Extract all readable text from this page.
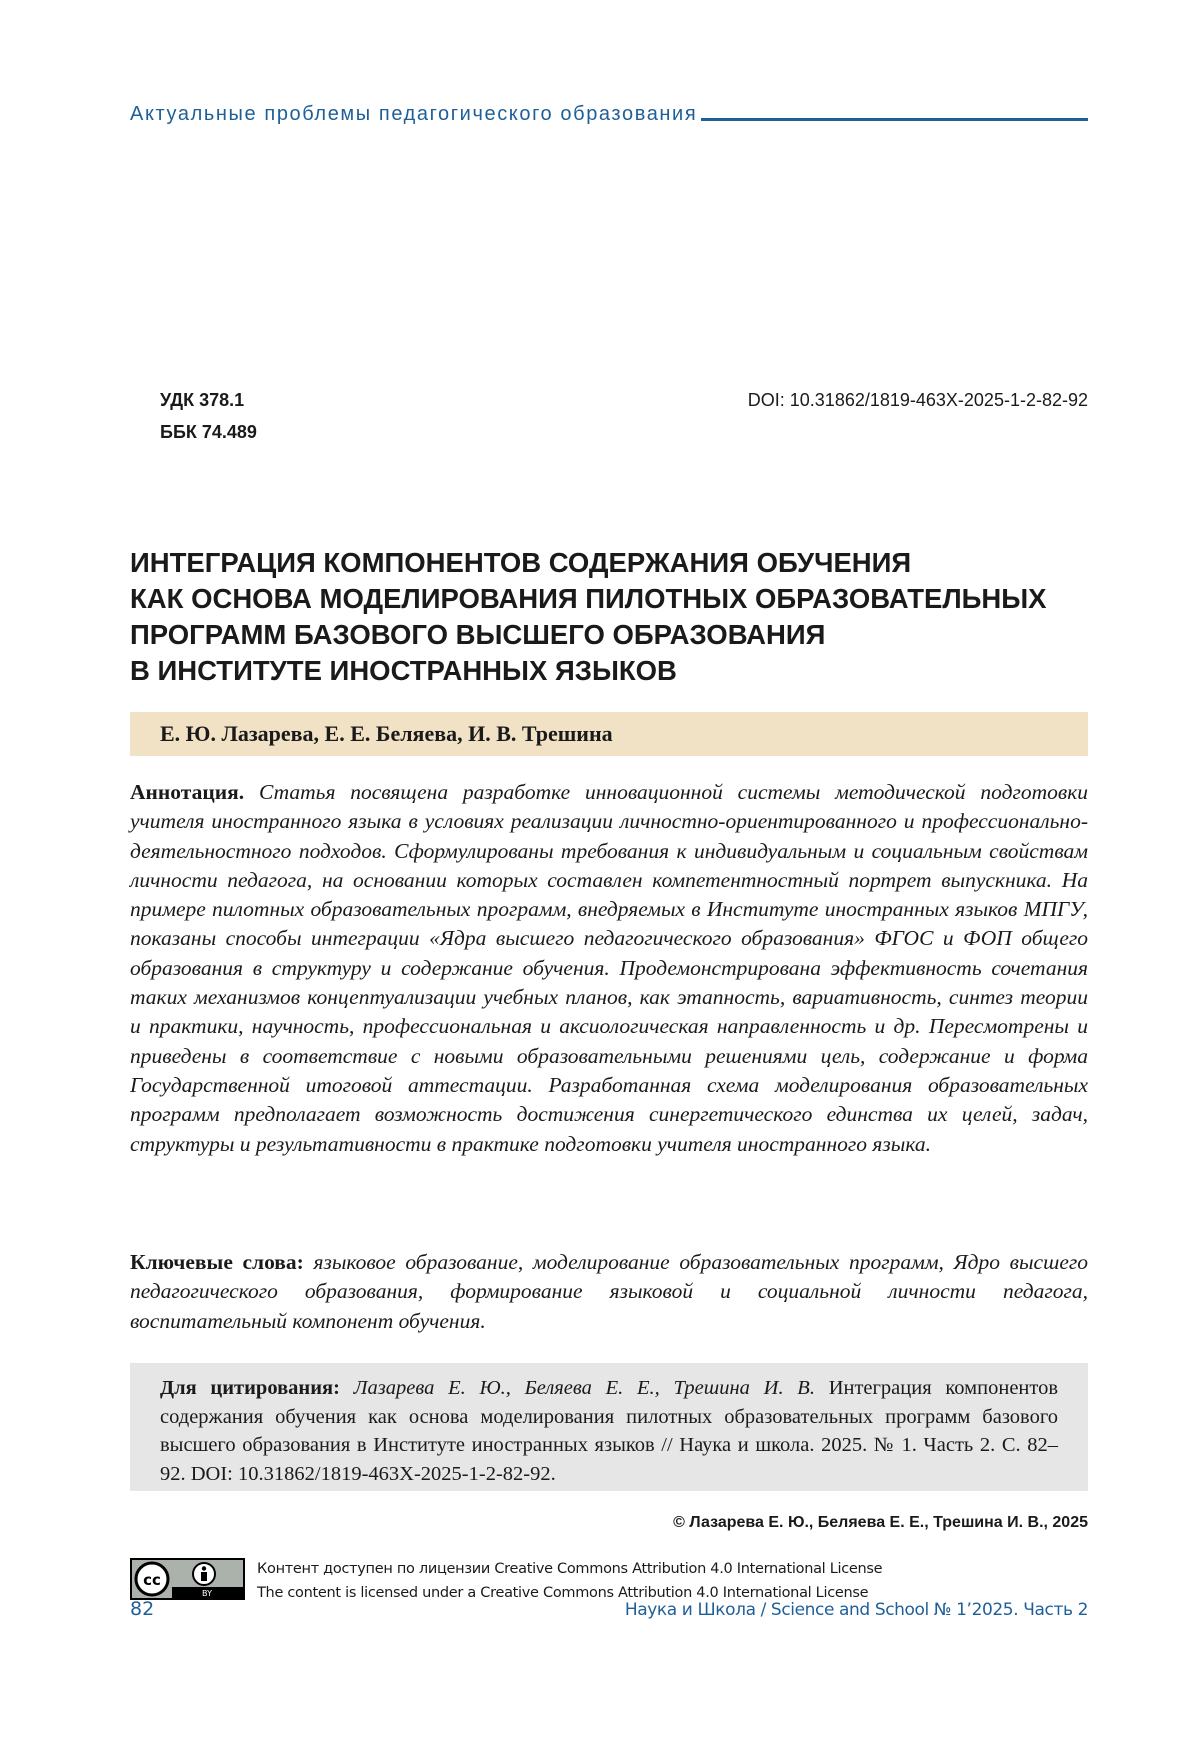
Актуальные проблемы педагогического образования
УДК 378.1
ББК 74.489
DOI: 10.31862/1819-463X-2025-1-2-82-92
ИНТЕГРАЦИЯ КОМПОНЕНТОВ СОДЕРЖАНИЯ ОБУЧЕНИЯ
КАК ОСНОВА МОДЕЛИРОВАНИЯ ПИЛОТНЫХ ОБРАЗОВАТЕЛЬНЫХ
ПРОГРАММ БАЗОВОГО ВЫСШЕГО ОБРАЗОВАНИЯ
В ИНСТИТУТЕ ИНОСТРАННЫХ ЯЗЫКОВ
Е. Ю. Лазарева, Е. Е. Беляева, И. В. Трешина
Аннотация. Статья посвящена разработке инновационной системы методической подготовки учителя иностранного языка в условиях реализации личностно-ориентированного и профессионально-деятельностного подходов. Сформулированы требования к индивидуальным и социальным свойствам личности педагога, на основании которых составлен компетентностный портрет выпускника. На примере пилотных образовательных программ, внедряемых в Институте иностранных языков МПГУ, показаны способы интеграции «Ядра высшего педагогического образования» ФГОС и ФОП общего образования в структуру и содержание обучения. Продемонстрирована эффективность сочетания таких механизмов концептуализации учебных планов, как этапность, вариативность, синтез теории и практики, научность, профессиональная и аксиологическая направленность и др. Пересмотрены и приведены в соответствие с новыми образовательными решениями цель, содержание и форма Государственной итоговой аттестации. Разработанная схема моделирования образовательных программ предполагает возможность достижения синергетического единства их целей, задач, структуры и результативности в практике подготовки учителя иностранного языка.
Ключевые слова: языковое образование, моделирование образовательных программ, Ядро высшего педагогического образования, формирование языковой и социальной личности педагога, воспитательный компонент обучения.

Для цитирования: Лазарева Е. Ю., Беляева Е. Е., Трешина И. В. Интеграция компонентов содержания обучения как основа моделирования пилотных образовательных программ базового высшего образования в Институте иностранных языков // Наука и школа. 2025. № 1. Часть 2. С. 82–92. DOI: 10.31862/1819-463X-2025-1-2-82-92.

© Лазарева Е. Ю., Беляева Е. Е., Трешина И. В., 2025
cc
BY
Контент доступен по лицензии Creative Commons Attribution 4.0 International License
The content is licensed under a Creative Commons Attribution 4.0 International License
82	Наука и Школа / Science and School № 1’2025. Часть 2
